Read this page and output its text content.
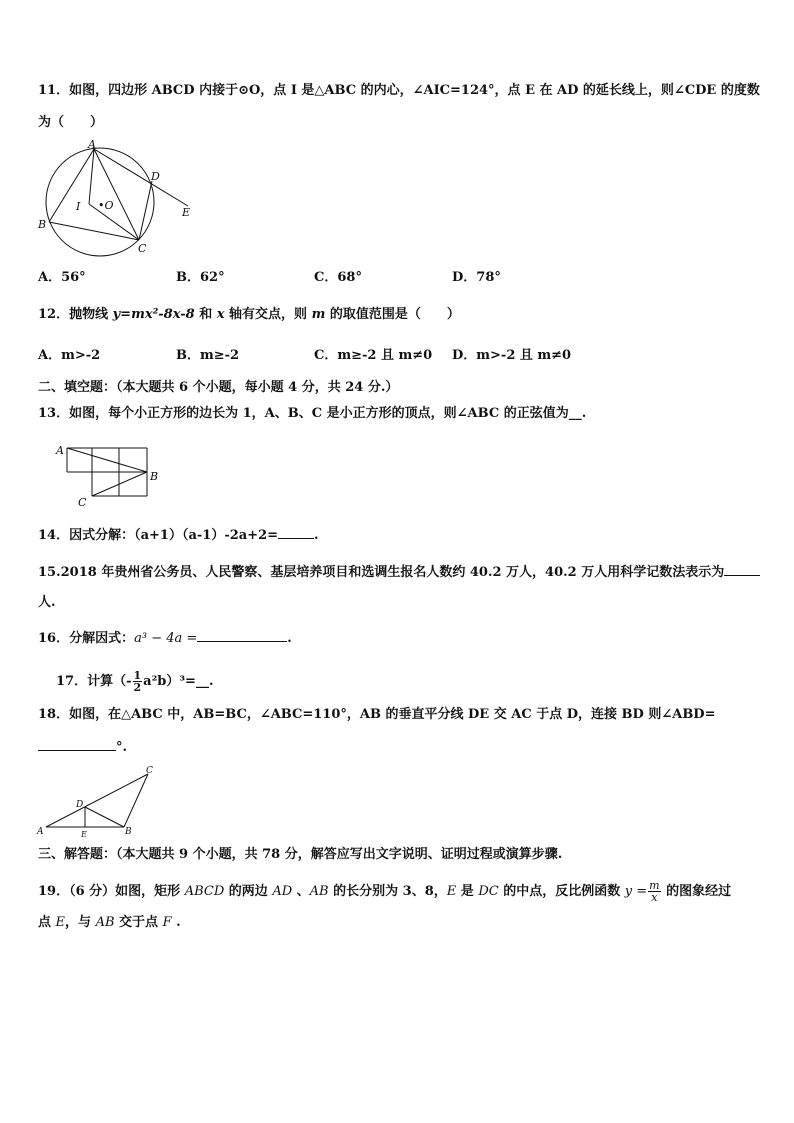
11．如图，四边形 ABCD 内接于⊙O，点 I 是△ABC 的内心，∠AIC=124°，点 E 在 AD 的延长线上，则∠CDE 的度数
为（　　）
A
B
C
D
E
I •O
A．56°	B．62°	C．68°	D．78°
12．抛物线 y=mx²-8x-8 和 x 轴有交点，则 m 的取值范围是（　　）
A．m>-2	B．m≥-2	C．m≥-2 且 m≠0 D．m>-2 且 m≠0
二、填空题：（本大题共 6 个小题，每小题 4 分，共 24 分.）
13．如图，每个小正方形的边长为 1，A、B、C 是小正方形的顶点，则∠ABC 的正弦值为__.
A
B
C
14．因式分解：（a+1）（a-1）-2a+2=	.
15.2018 年贵州省公务员、人民警察、基层培养项目和选调生报名人数约 40.2 万人，40.2 万人用科学记数法表示为
人.
16．分解因式：a³ − 4a =	.
17．计算（- $\frac{1}{2}$ a²b）³=__.
18．如图，在△ABC 中，AB=BC，∠ABC=110°，AB 的垂直平分线 DE 交 AC 于点 D，连接 BD 则∠ABD=
°.
A	B
C
D
E
三、解答题：（本大题共 9 个小题，共 78 分，解答应写出文字说明、证明过程或演算步骤.
19．（6 分）如图，矩形 ABCD 的两边 AD 、AB 的长分别为 3、8，E 是 DC 的中点，反比例函数 $y = \frac{m}{x}$ 的图象经过
点 E，与 AB 交于点 F .
